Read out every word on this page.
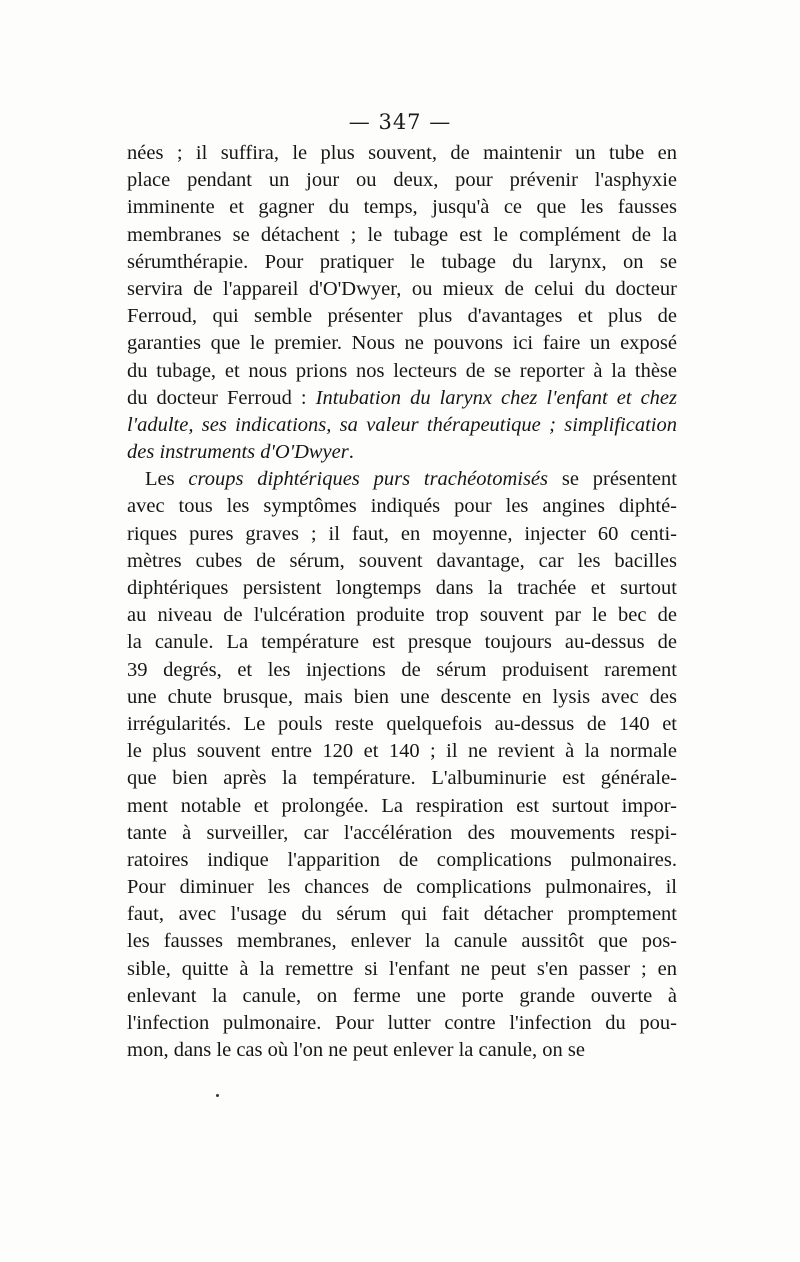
— 347 —
nées ; il suffira, le plus souvent, de maintenir un tube en
place pendant un jour ou deux, pour prévenir l'asphyxie
imminente et gagner du temps, jusqu'à ce que les fausses
membranes se détachent ; le tubage est le complément de la
sérumthérapie. Pour pratiquer le tubage du larynx, on se
servira de l'appareil d'O'Dwyer, ou mieux de celui du docteur
Ferroud, qui semble présenter plus d'avantages et plus de
garanties que le premier. Nous ne pouvons ici faire un exposé
du tubage, et nous prions nos lecteurs de se reporter à la thèse
du docteur Ferroud : Intubation du larynx chez l'enfant et chez
l'adulte, ses indications, sa valeur thérapeutique ; simplification
des instruments d'O'Dwyer.
Les croups diphtériques purs trachéotomisés se présentent
avec tous les symptômes indiqués pour les angines diphté-
riques pures graves ; il faut, en moyenne, injecter 60 centi-
mètres cubes de sérum, souvent davantage, car les bacilles
diphtériques persistent longtemps dans la trachée et surtout
au niveau de l'ulcération produite trop souvent par le bec de
la canule. La température est presque toujours au-dessus de
39 degrés, et les injections de sérum produisent rarement
une chute brusque, mais bien une descente en lysis avec des
irrégularités. Le pouls reste quelquefois au-dessus de 140 et
le plus souvent entre 120 et 140 ; il ne revient à la normale
que bien après la température. L'albuminurie est générale-
ment notable et prolongée. La respiration est surtout impor-
tante à surveiller, car l'accélération des mouvements respi-
ratoires indique l'apparition de complications pulmonaires.
Pour diminuer les chances de complications pulmonaires, il
faut, avec l'usage du sérum qui fait détacher promptement
les fausses membranes, enlever la canule aussitôt que pos-
sible, quitte à la remettre si l'enfant ne peut s'en passer ; en
enlevant la canule, on ferme une porte grande ouverte à
l'infection pulmonaire. Pour lutter contre l'infection du pou-
mon, dans le cas où l'on ne peut enlever la canule, on se
